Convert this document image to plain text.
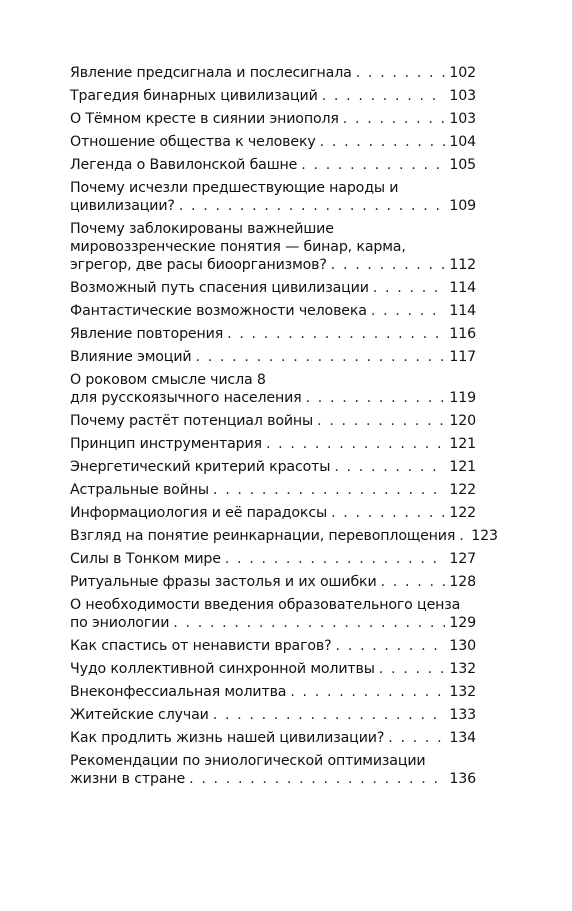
Явление предсигнала и послесигнала . . .	102
Трагедия бинарных цивилизаций . . .	103
О Тёмном кресте в сиянии эниополя . . .	103
Отношение общества к человеку . . .	104
Легенда о Вавилонской башне . . .	105
Почему исчезли предшествующие народы и
цивилизации? . . .	109
Почему заблокированы важнейшие
мировоззренческие понятия — бинар, карма,
эгрегор, две расы биоорганизмов? . . .	112
Возможный путь спасения цивилизации . . .	114
Фантастические возможности человека . . .	114
Явление повторения . . .	116
Влияние эмоций . . .	117
О роковом смысле числа 8
для русскоязычного населения . . .	119
Почему растёт потенциал войны . . .	120
Принцип инструментария . . .	121
Энергетический критерий красоты . . .	121
Астральные войны . . .	122
Информациология и её парадоксы . . .	122
Взгляд на понятие реинкарнации, перевоплощения . . . 123
Силы в Тонком мире . . .	127
Ритуальные фразы застолья и их ошибки . . .	128
О необходимости введения образовательного ценза
по эниологии . . .	129
Как спастись от ненависти врагов? . . .	130
Чудо коллективной синхронной молитвы . . .	132
Внеконфессиальная молитва . . .	132
Житейские случаи . . .	133
Как продлить жизнь нашей цивилизации? . . .	134
Рекомендации по эниологической оптимизации
жизни в стране . . .	136
